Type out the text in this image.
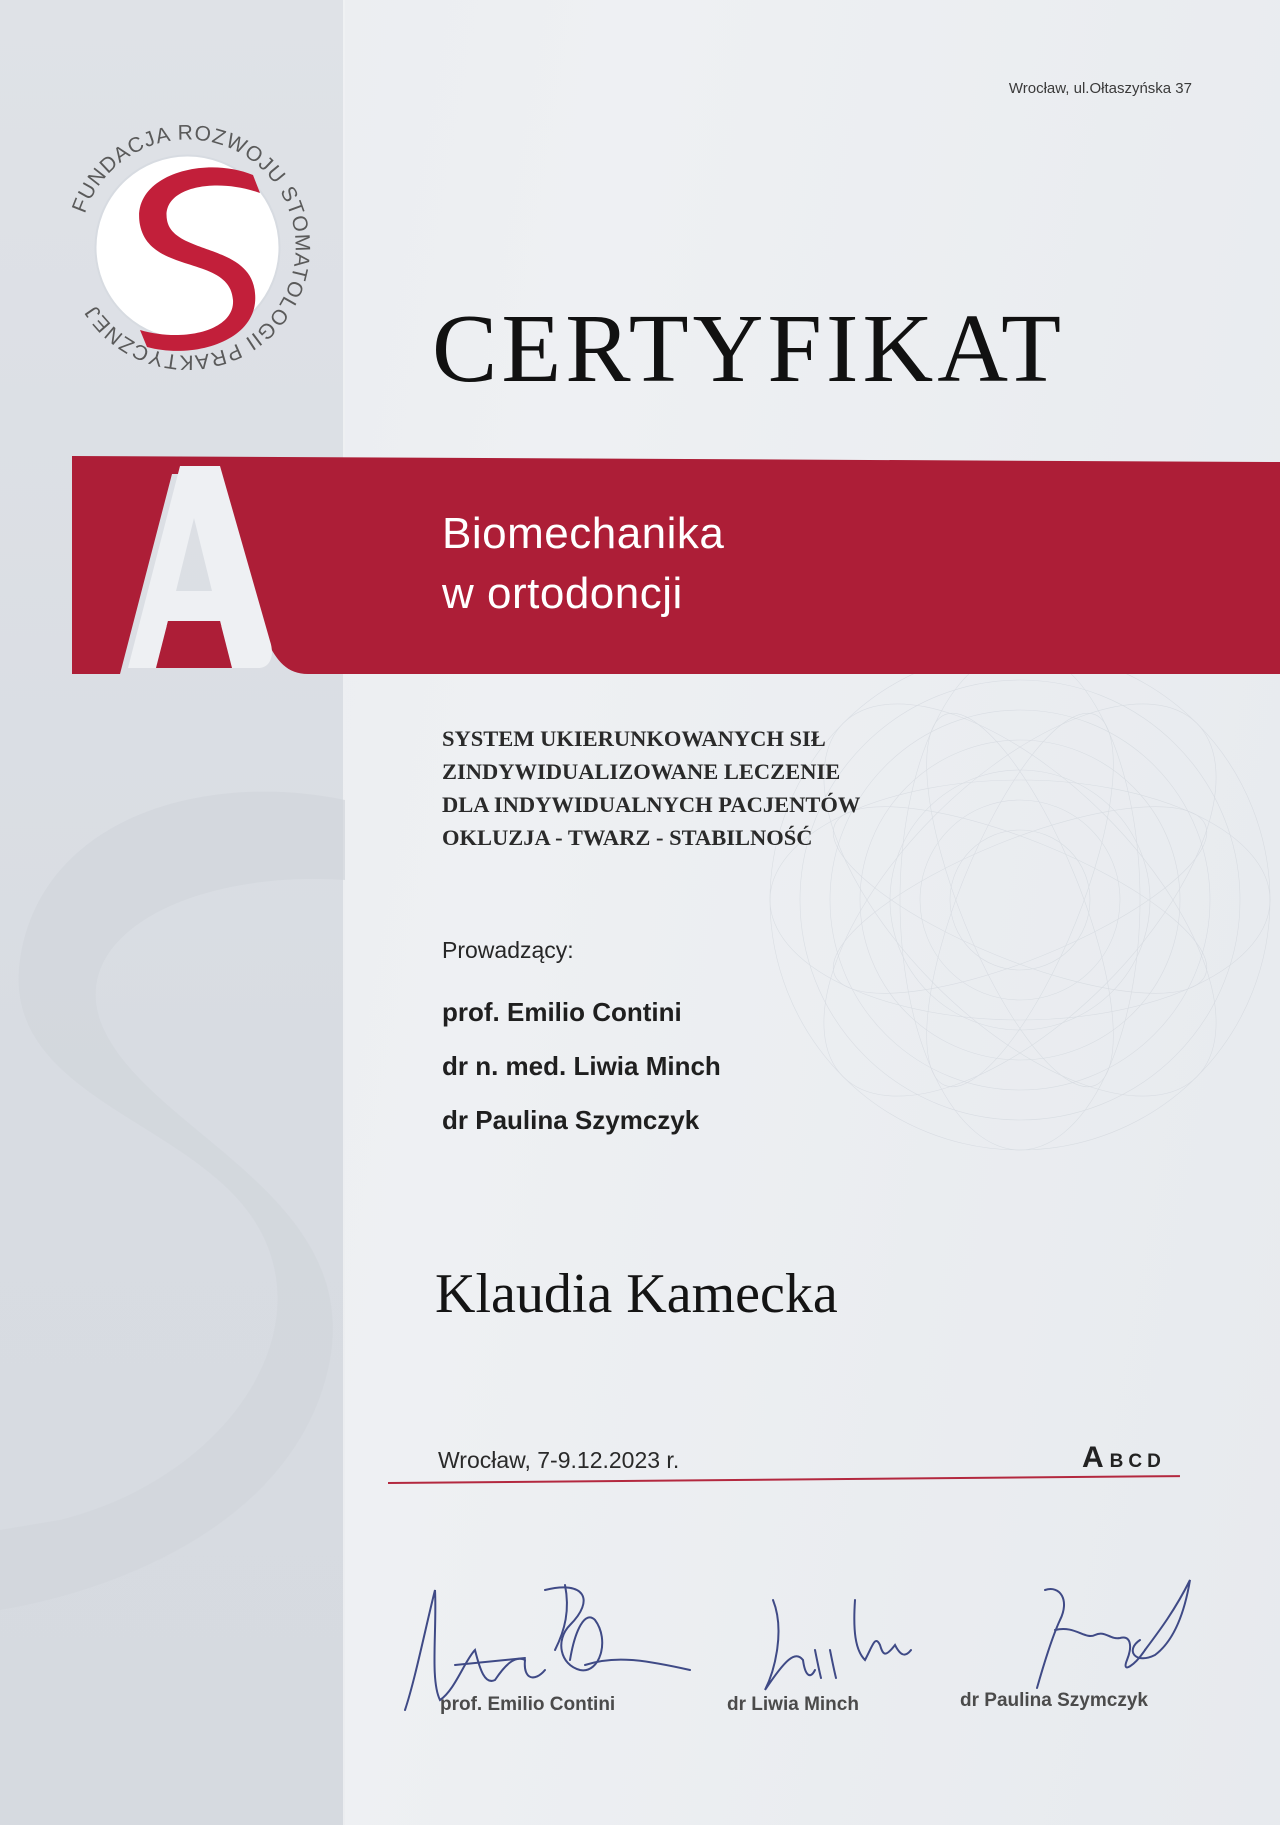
Wrocław, ul.Ołtaszyńska 37
FUNDACJA ROZWOJU STOMATOLOGII PRAKTYCZNEJ	CERTYFIKAT
Biomechanika
w ortodoncji
SYSTEM UKIERUNKOWANYCH SIŁ
ZINDYWIDUALIZOWANE LECZENIE
DLA INDYWIDUALNYCH PACJENTÓW
OKLUZJA - TWARZ - STABILNOŚĆ
Prowadzący:
prof. Emilio Contini
dr n. med. Liwia Minch
dr Paulina Szymczyk
Klaudia Kamecka
Wrocław, 7-9.12.2023 r.	ABCD
prof. Emilio Contini	dr Liwia Minch	dr Paulina Szymczyk
